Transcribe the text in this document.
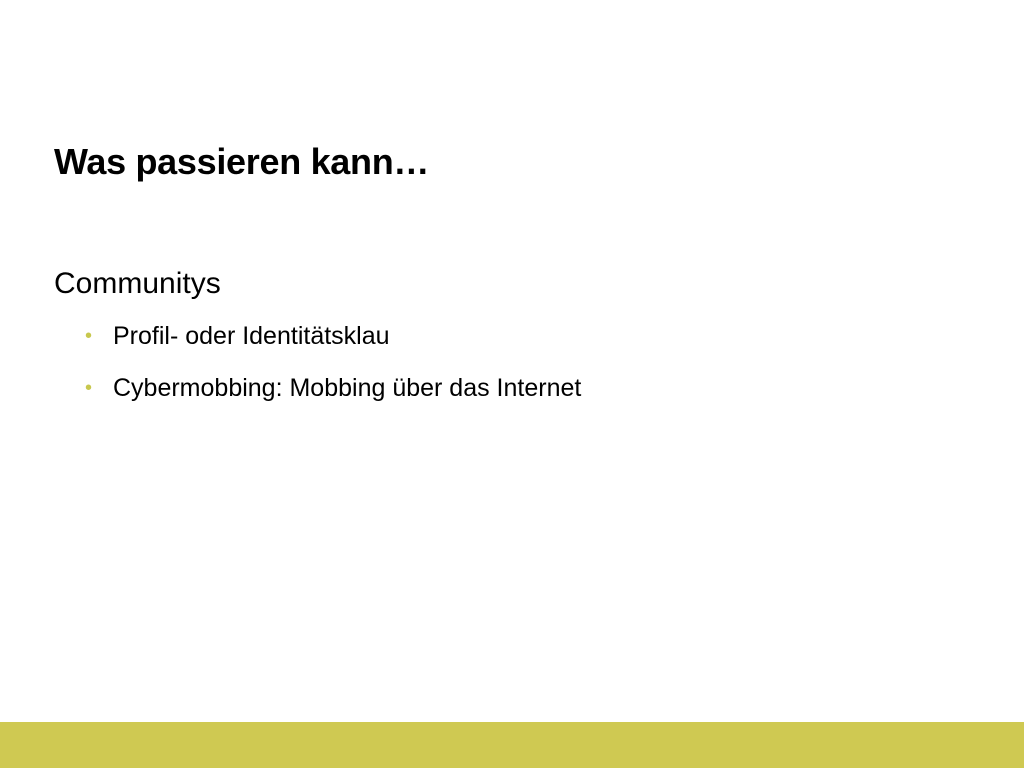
Was passieren kann…

Communitys

• Profil- oder Identitätsklau
• Cybermobbing: Mobbing über das Internet
